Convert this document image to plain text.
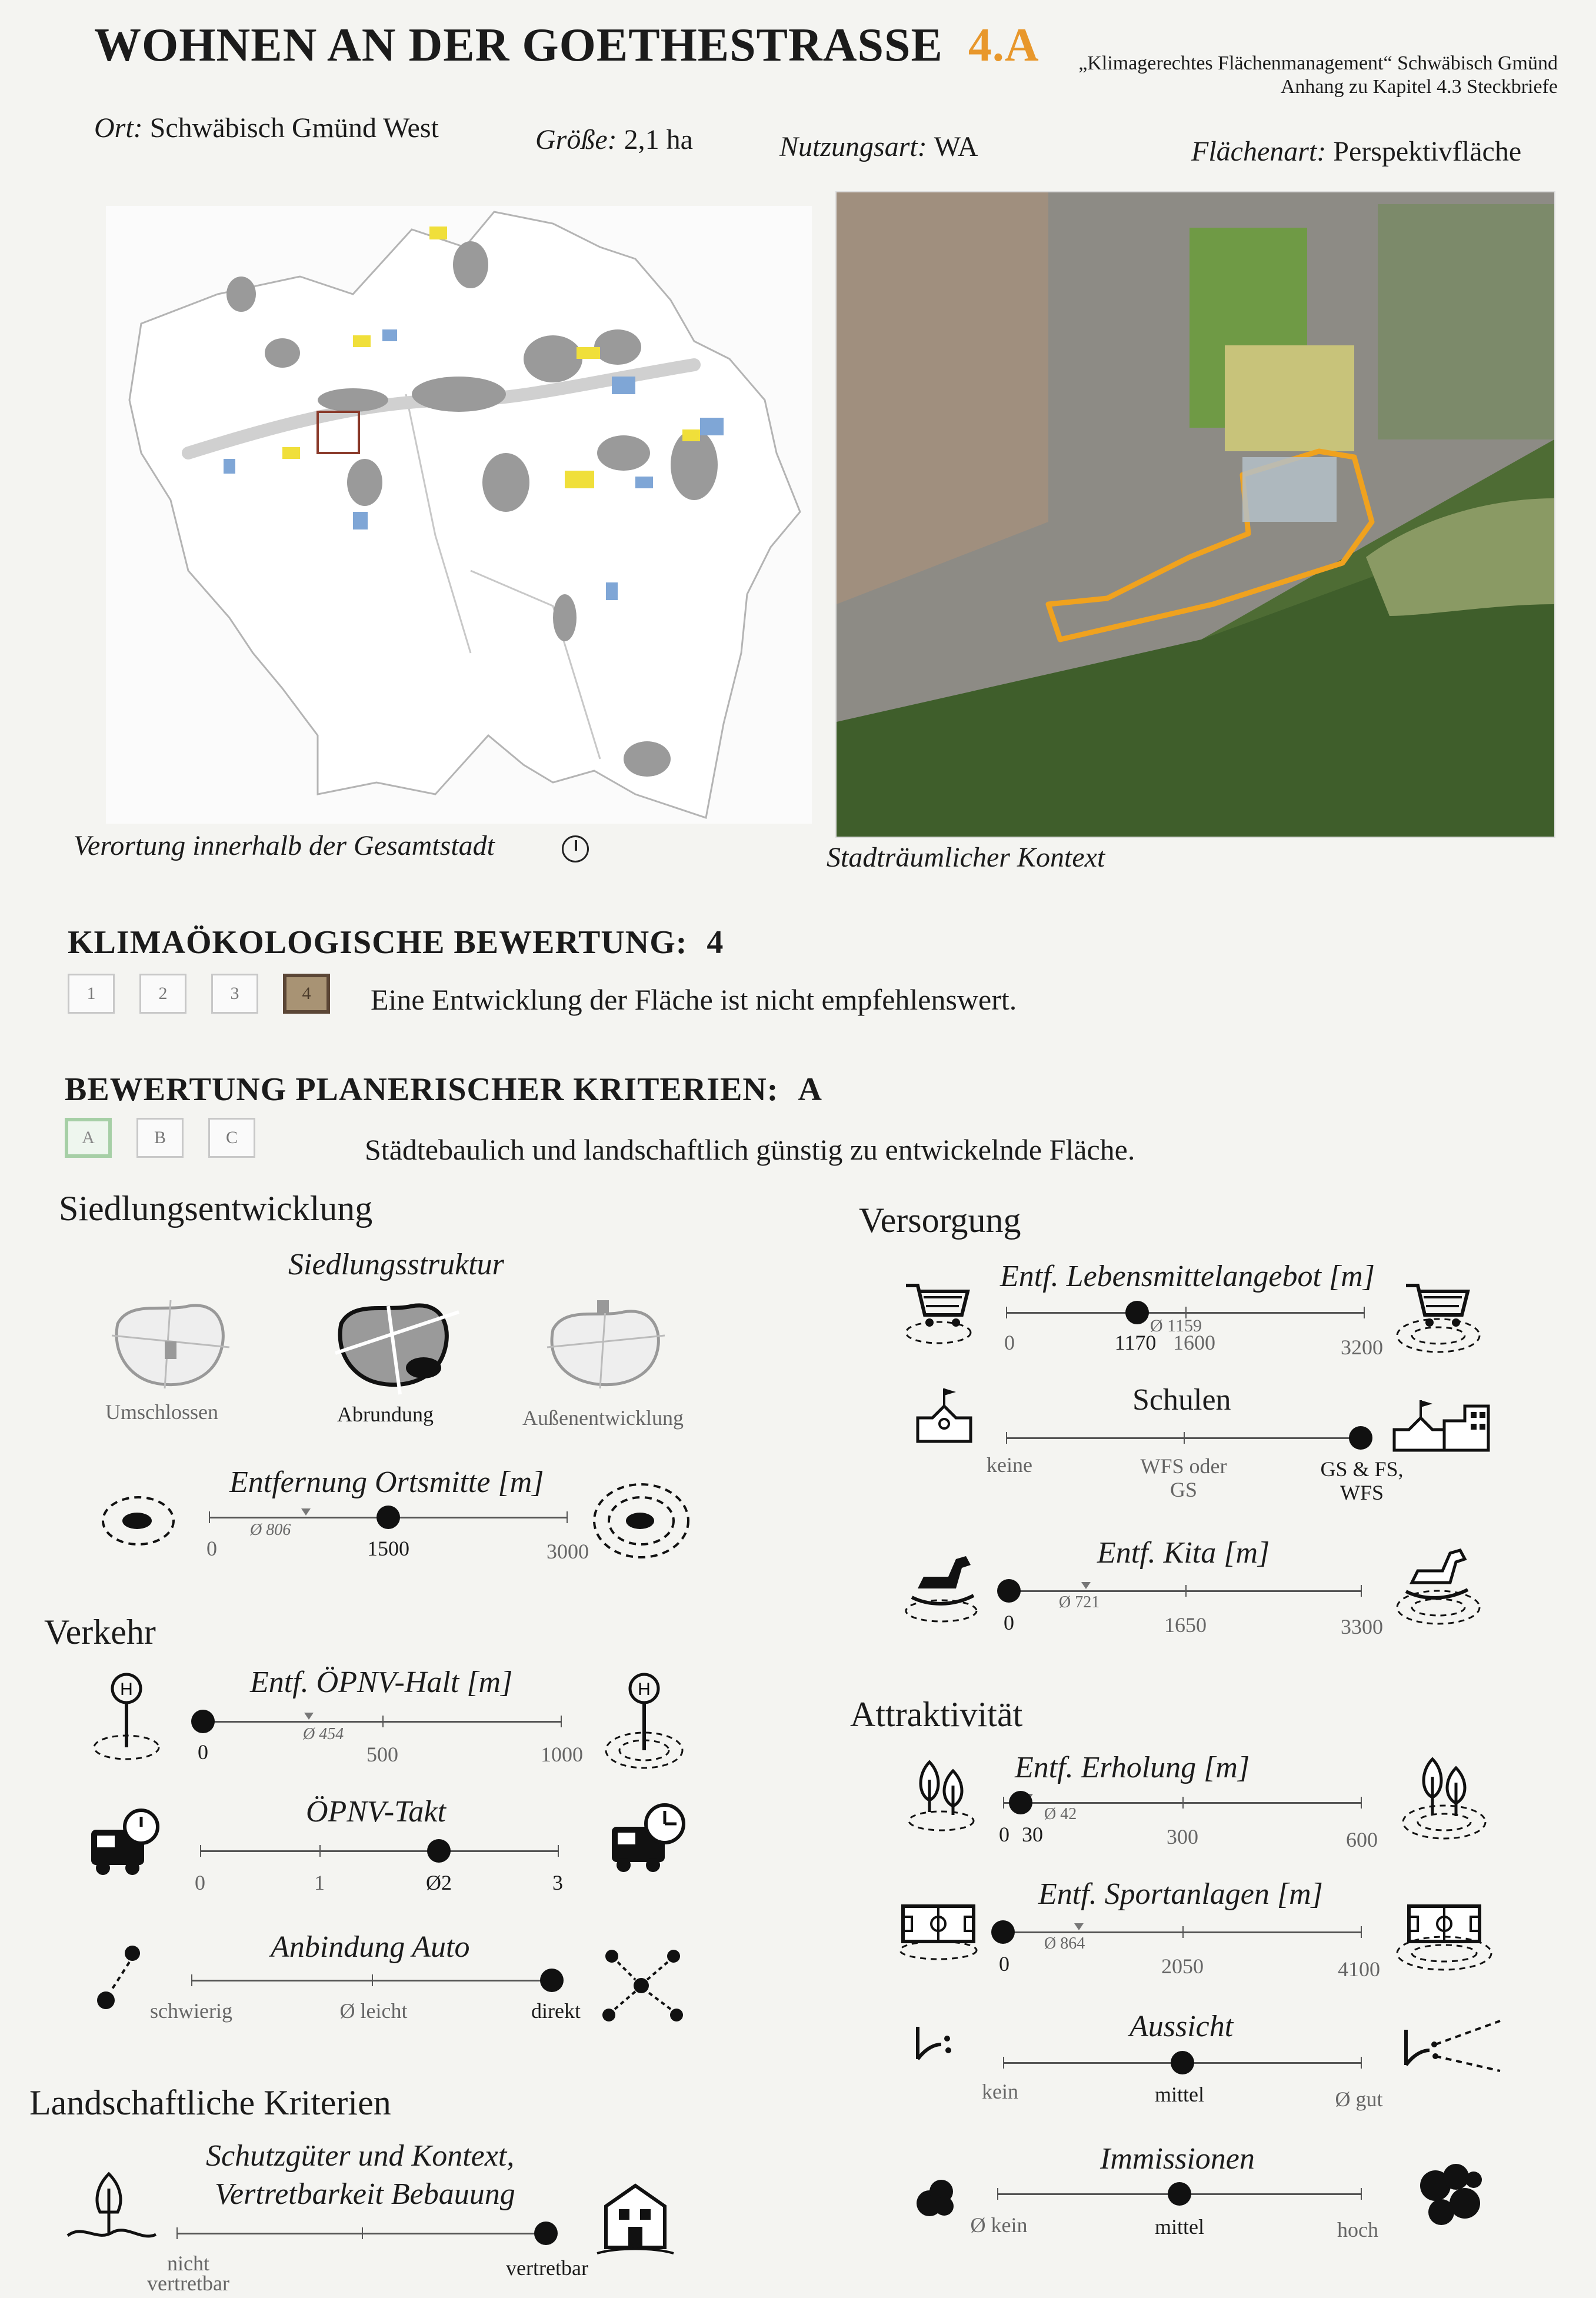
WOHNEN AN DER GOETHESTRASSE 4.A „Klimagerechtes Flächenmanagement“ Schwäbisch Gmünd
Anhang zu Kapitel 4.3 Steckbriefe
Ort: Schwäbisch Gmünd West	Größe: 2,1 ha	Nutzungsart: WA	Flächenart: Perspektivfläche
Verortung innerhalb der Gesamtstadt	Stadträumlicher Kontext
KLIMAÖKOLOGISCHE BEWERTUNG: 4
1	2	3	4	Eine Entwicklung der Fläche ist nicht empfehlenswert.
BEWERTUNG PLANERISCHER KRITERIEN: A
A	B	C	Städtebaulich und landschaftlich günstig zu entwickelnde Fläche.
Siedlungsentwicklung
Siedlungsstruktur
Umschlossen	Abrundung	Außenentwicklung
Entfernung Ortsmitte [m]
Ø 806
0	1500	3000
Verkehr
Entf. ÖPNV-Halt [m]
H
Ø 454
0	500	1000
H
ÖPNV-Takt
0	1	Ø2	3
Anbindung Auto
schwierig	Ø leicht	direkt
Landschaftliche Kriterien
Schutzgüter und Kontext,
Vertretbarkeit Bebauung
nicht vertretbar
vertretbar
Versorgung
Entf. Lebensmittelangebot [m]
Ø 1159
0	1170 1600	3200
Schulen
keine	WFS oder GS
GS & FS, WFS
Entf. Kita [m]
Ø 721
0	1650	3300
Attraktivität
Entf. Erholung [m]
Ø 42
0 30	300	600
Entf. Sportanlagen [m]
Ø 864
0	2050	4100
Aussicht
kein	mittel	Ø gut
Immissionen
Ø kein	mittel	hoch
